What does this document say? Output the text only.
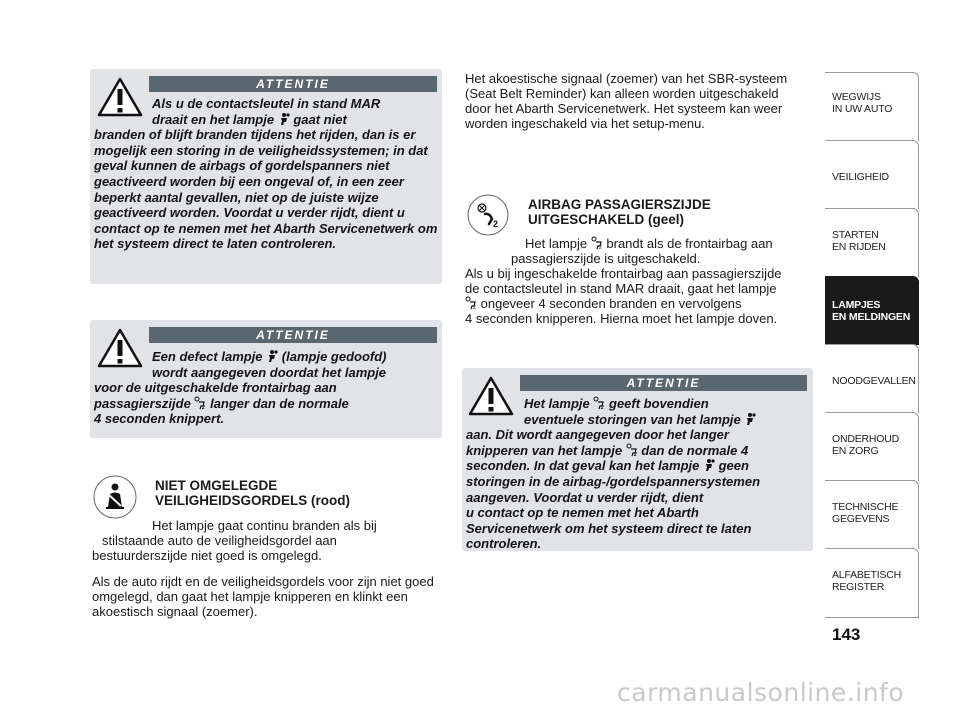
ATTENTIE

Als u de contactsleutel in stand MAR
draait en het lampje gaat niet
branden of blijft branden tijdens het rijden, dan is er mogelijk een storing in de veiligheidssystemen; in dat geval kunnen de airbags of gordelspanners niet geactiveerd worden bij een ongeval of, in een zeer beperkt aantal gevallen, niet op de juiste wijze geactiveerd worden. Voordat u verder rijdt, dient u contact op te nemen met het Abarth Servicenetwerk om het systeem direct te laten controleren.

ATTENTIE

Een defect lampje (lampje gedoofd)
wordt aangegeven doordat het lampje
voor de uitgeschakelde frontairbag aan
passagierszijde 2 langer dan de normale
4 seconden knippert.

NIET OMGELEGDE
VEILIGHEIDSGORDELS (rood)

Het lampje gaat continu branden als bij
stilstaande auto de veiligheidsgordel aan
bestuurderszijde niet goed is omgelegd.

Als de auto rijdt en de veiligheidsgordels voor zijn niet goed omgelegd, dan gaat het lampje knipperen en klinkt een akoestisch signaal (zoemer).

Het akoestische signaal (zoemer) van het SBR-systeem (Seat Belt Reminder) kan alleen worden uitgeschakeld door het Abarth Servicenetwerk. Het systeem kan weer worden ingeschakeld via het setup-menu.

2

AIRBAG PASSAGIERSZIJDE
UITGESCHAKELD (geel)

Het lampje 2 brandt als de frontairbag aan
passagierszijde is uitgeschakeld.
Als u bij ingeschakelde frontairbag aan passagierszijde
de contactsleutel in stand MAR draait, gaat het lampje
2 ongeveer 4 seconden branden en vervolgens
4 seconden knipperen. Hierna moet het lampje doven.

ATTENTIE

Het lampje 2 geeft bovendien
eventuele storingen van het lampje
aan. Dit wordt aangegeven door het langer
knipperen van het lampje 2 dan de normale 4
seconden. In dat geval kan het lampje geen
storingen in de airbag-/gordelspannersystemen
aangeven. Voordat u verder rijdt, dient
u contact op te nemen met het Abarth
Servicenetwerk om het systeem direct te laten
controleren.

WEGWIJS
IN UW AUTO
VEILIGHEID
STARTEN
EN RIJDEN
LAMPJES
EN MELDINGEN
NOODGEVALLEN
ONDERHOUD
EN ZORG
TECHNISCHE
GEGEVENS
ALFABETISCH
REGISTER
143
carmanualsonline.info
